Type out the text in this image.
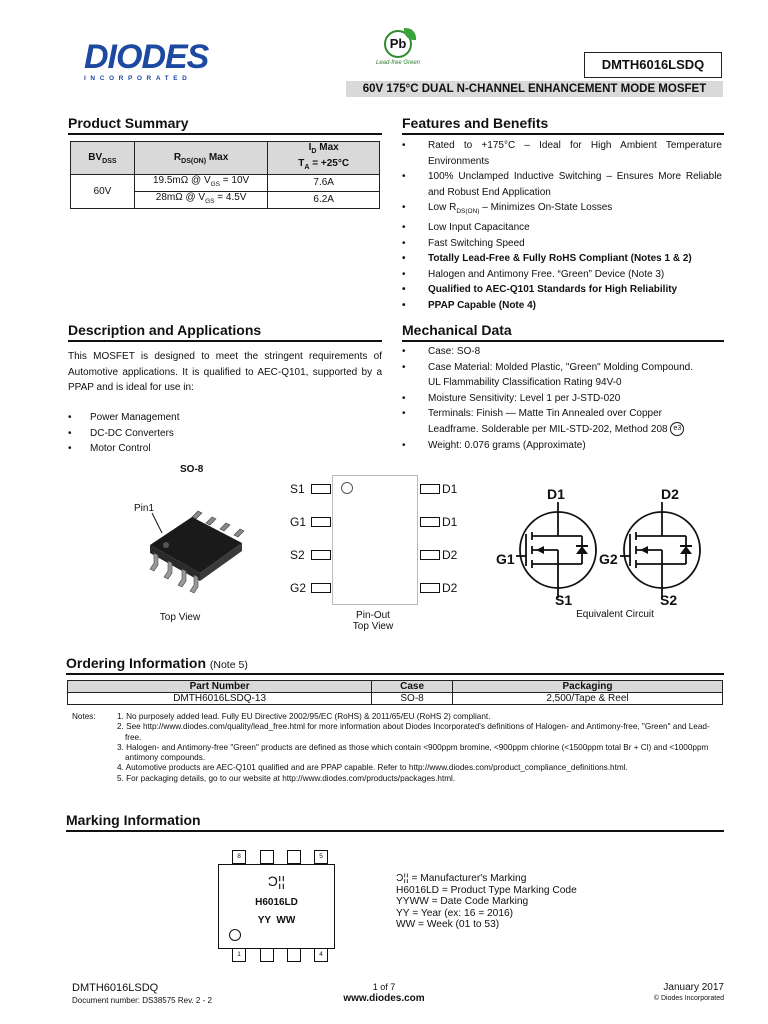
DIODES
INCORPORATED
Pb
Lead-free Green	DMTH6016LSDQ
60V 175°C DUAL N-CHANNEL ENHANCEMENT MODE MOSFET
Product Summary
$BV_{DSS}$	$R_{DS(ON)}$ Max	$I_D$ Max
$T_A = +25^\circ C$
60V	19.5mΩ @ $V_{GS} = 10V$	7.6A
	28mΩ @ $V_{GS} = 4.5V$	6.2A
Features and Benefits
• Rated to +175°C – Ideal for High Ambient Temperature Environments
• 100% Unclamped Inductive Switching – Ensures More Reliable and Robust End Application
• Low $R_{DS(ON)}$ – Minimizes On-State Losses
• Low Input Capacitance
• Fast Switching Speed
• Totally Lead-Free & Fully RoHS Compliant (Notes 1 & 2)
• Halogen and Antimony Free. “Green” Device (Note 3)
• Qualified to AEC-Q101 Standards for High Reliability
• PPAP Capable (Note 4)
Description and Applications
This MOSFET is designed to meet the stringent requirements of Automotive applications. It is qualified to AEC-Q101, supported by a PPAP and is ideal for use in:
• Power Management
• DC-DC Converters
• Motor Control
Mechanical Data
• Case: SO-8
• Case Material: Molded Plastic, "Green" Molding Compound. UL Flammability Classification Rating 94V-0
• Moisture Sensitivity: Level 1 per J-STD-020
• Terminals: Finish — Matte Tin Annealed over Copper Leadframe. Solderable per MIL-STD-202, Method 208 e3
• Weight: 0.076 grams (Approximate)
SO-8
Pin1
Top View
S1
G1
S2
G2
D1
D1
D2
D2
Pin-Out
Top View
D1	D2
G1	G2
S1	S2
Equivalent Circuit
Ordering Information (Note 5)
Part Number	Case	Packaging
DMTH6016LSDQ-13	SO-8	2,500/Tape & Reel
Notes:	1. No purposely added lead. Fully EU Directive 2002/95/EC (RoHS) & 2011/65/EU (RoHS 2) compliant.
2. See http://www.diodes.com/quality/lead_free.html for more information about Diodes Incorporated's definitions of Halogen- and Antimony-free, "Green" and Lead-free.
3. Halogen- and Antimony-free "Green" products are defined as those which contain <900ppm bromine, <900ppm chlorine (<1500ppm total Br + Cl) and <1000ppm antimony compounds.
4. Automotive products are AEC-Q101 qualified and are PPAP capable. Refer to http://www.diodes.com/product_compliance_definitions.html.
5. For packaging details, go to our website at http://www.diodes.com/products/packages.html.
Marking Information
8	5
Ɔ¦¦
H6016LD
YY  WW
1	4
Ɔ¦¦ = Manufacturer's Marking
H6016LD = Product Type Marking Code
YYWW = Date Code Marking
YY = Year (ex: 16 = 2016)
WW = Week (01 to 53)
DMTH6016LSDQ
Document number: DS38575 Rev. 2 - 2
1 of 7
www.diodes.com
January 2017
© Diodes Incorporated
